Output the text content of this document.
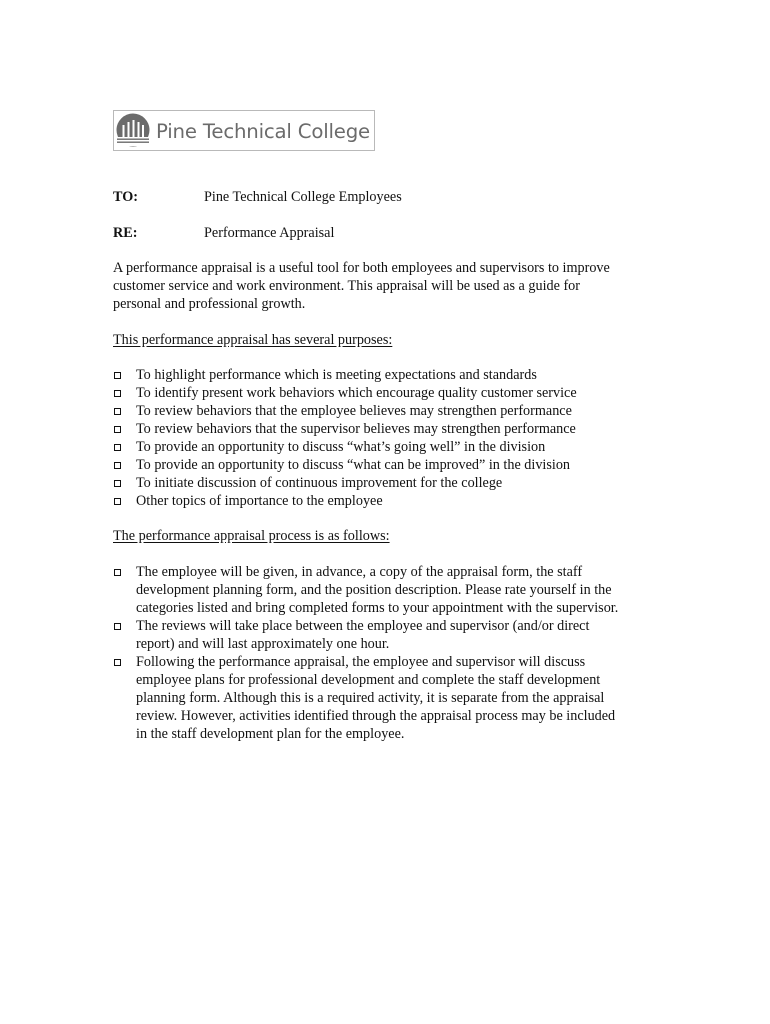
Pine Technical College
TO:	Pine Technical College Employees
RE:	Performance Appraisal
A performance appraisal is a useful tool for both employees and supervisors to improve
customer service and work environment. This appraisal will be used as a guide for
personal and professional growth.
This performance appraisal has several purposes:
To highlight performance which is meeting expectations and standards
To identify present work behaviors which encourage quality customer service
To review behaviors that the employee believes may strengthen performance
To review behaviors that the supervisor believes may strengthen performance
To provide an opportunity to discuss “what’s going well” in the division
To provide an opportunity to discuss “what can be improved” in the division
To initiate discussion of continuous improvement for the college
Other topics of importance to the employee
The performance appraisal process is as follows:
The employee will be given, in advance, a copy of the appraisal form, the staff
development planning form, and the position description. Please rate yourself in the
categories listed and bring completed forms to your appointment with the supervisor.
The reviews will take place between the employee and supervisor (and/or direct
report) and will last approximately one hour.
Following the performance appraisal, the employee and supervisor will discuss
employee plans for professional development and complete the staff development
planning form. Although this is a required activity, it is separate from the appraisal
review. However, activities identified through the appraisal process may be included
in the staff development plan for the employee.
